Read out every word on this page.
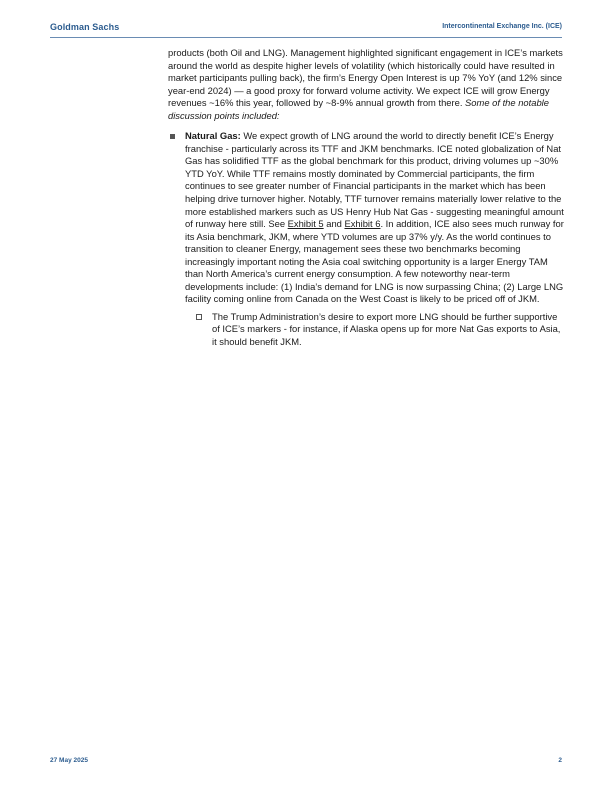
Goldman Sachs	Intercontinental Exchange Inc. (ICE)

products (both Oil and LNG). Management highlighted significant engagement in ICE’s markets around the world as despite higher levels of volatility (which historically could have resulted in market participants pulling back), the firm’s Energy Open Interest is up 7% YoY (and 12% since year-end 2024) — a good proxy for forward volume activity. We expect ICE will grow Energy revenues ~16% this year, followed by ~8-9% annual growth from there. Some of the notable discussion points included:

Natural Gas: We expect growth of LNG around the world to directly benefit ICE’s Energy franchise - particularly across its TTF and JKM benchmarks. ICE noted globalization of Nat Gas has solidified TTF as the global benchmark for this product, driving volumes up ~30% YTD YoY. While TTF remains mostly dominated by Commercial participants, the firm continues to see greater number of Financial participants in the market which has been helping drive turnover higher. Notably, TTF turnover remains materially lower relative to the more established markers such as US Henry Hub Nat Gas - suggesting meaningful amount of runway here still. See Exhibit 5 and Exhibit 6. In addition, ICE also sees much runway for its Asia benchmark, JKM, where YTD volumes are up 37% y/y. As the world continues to transition to cleaner Energy, management sees these two benchmarks becoming increasingly important noting the Asia coal switching opportunity is a larger Energy TAM than North America’s current energy consumption. A few noteworthy near-term developments include: (1) India’s demand for LNG is now surpassing China; (2) Large LNG facility coming online from Canada on the West Coast is likely to be priced off of JKM.

The Trump Administration’s desire to export more LNG should be further supportive of ICE’s markers - for instance, if Alaska opens up for more Nat Gas exports to Asia, it should benefit JKM.

27 May 2025	2
